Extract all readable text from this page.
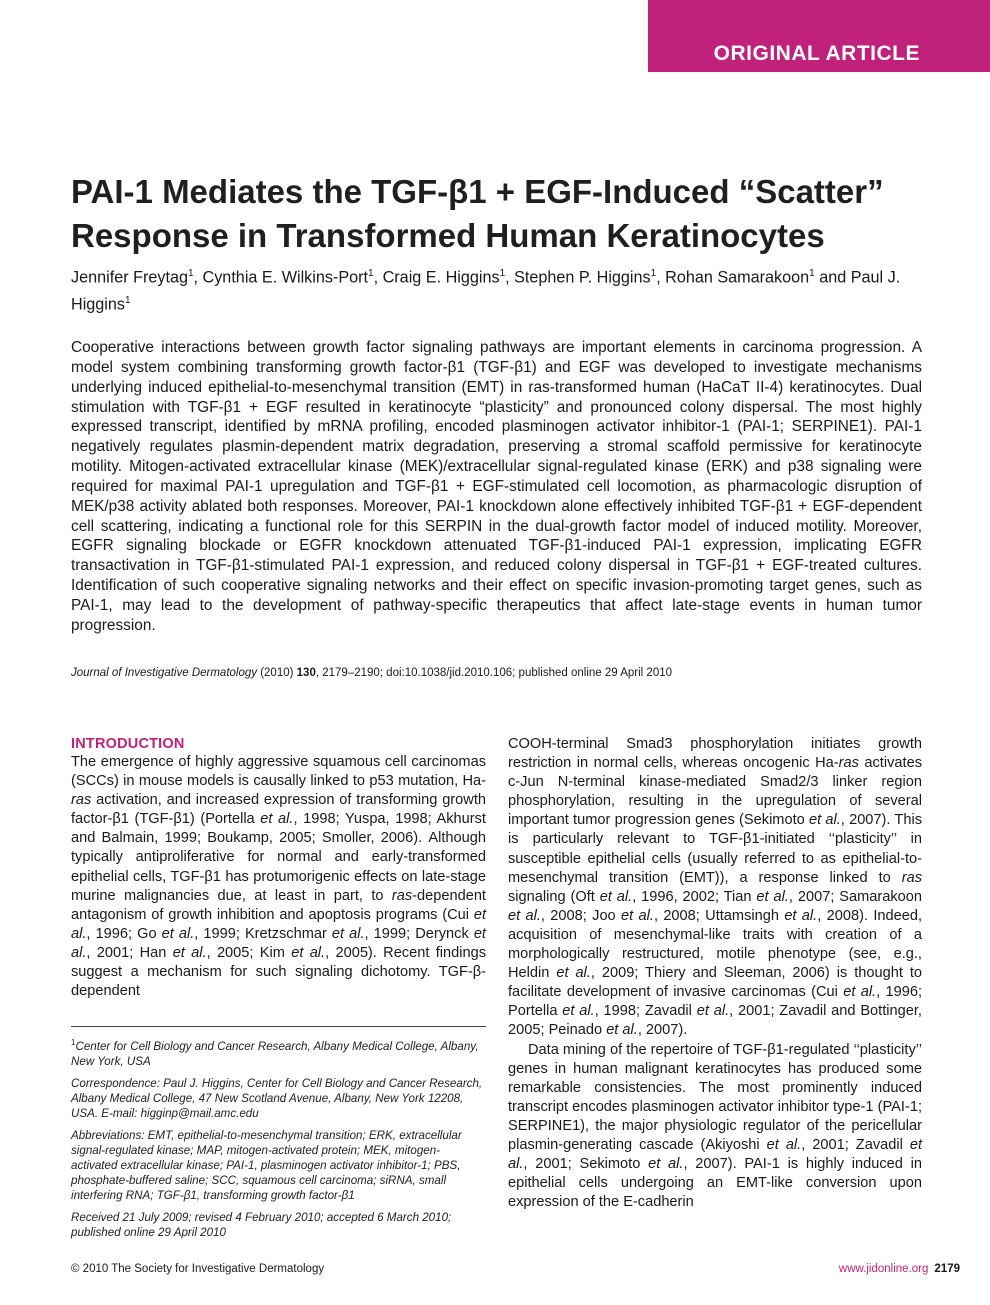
ORIGINAL ARTICLE
PAI-1 Mediates the TGF-β1 + EGF-Induced “Scatter” Response in Transformed Human Keratinocytes
Jennifer Freytag$^1$, Cynthia E. Wilkins-Port$^1$, Craig E. Higgins$^1$, Stephen P. Higgins$^1$, Rohan Samarakoon$^1$ and Paul J. Higgins$^1$

Cooperative interactions between growth factor signaling pathways are important elements in carcinoma progression. A model system combining transforming growth factor-β1 (TGF-β1) and EGF was developed to investigate mechanisms underlying induced epithelial-to-mesenchymal transition (EMT) in ras-transformed human (HaCaT II-4) keratinocytes. Dual stimulation with TGF-β1 + EGF resulted in keratinocyte “plasticity” and pronounced colony dispersal. The most highly expressed transcript, identified by mRNA profiling, encoded plasminogen activator inhibitor-1 (PAI-1; SERPINE1). PAI-1 negatively regulates plasmin-dependent matrix degradation, preserving a stromal scaffold permissive for keratinocyte motility. Mitogen-activated extracellular kinase (MEK)/extracellular signal-regulated kinase (ERK) and p38 signaling were required for maximal PAI-1 upregulation and TGF-β1 + EGF-stimulated cell locomotion, as pharmacologic disruption of MEK/p38 activity ablated both responses. Moreover, PAI-1 knockdown alone effectively inhibited TGF-β1 + EGF-dependent cell scattering, indicating a functional role for this SERPIN in the dual-growth factor model of induced motility. Moreover, EGFR signaling blockade or EGFR knockdown attenuated TGF-β1-induced PAI-1 expression, implicating EGFR transactivation in TGF-β1-stimulated PAI-1 expression, and reduced colony dispersal in TGF-β1 + EGF-treated cultures. Identification of such cooperative signaling networks and their effect on specific invasion-promoting target genes, such as PAI-1, may lead to the development of pathway-specific therapeutics that affect late-stage events in human tumor progression.

Journal of Investigative Dermatology (2010) 130, 2179–2190; doi:10.1038/jid.2010.106; published online 29 April 2010
INTRODUCTION

The emergence of highly aggressive squamous cell carcinomas (SCCs) in mouse models is causally linked to p53 mutation, Ha-ras activation, and increased expression of transforming growth factor-β1 (TGF-β1) (Portella et al., 1998; Yuspa, 1998; Akhurst and Balmain, 1999; Boukamp, 2005; Smoller, 2006). Although typically antiproliferative for normal and early-transformed epithelial cells, TGF-β1 has protumorigenic effects on late-stage murine malignancies due, at least in part, to ras-dependent antagonism of growth inhibition and apoptosis programs (Cui et al., 1996; Go et al., 1999; Kretzschmar et al., 1999; Derynck et al., 2001; Han et al., 2005; Kim et al., 2005). Recent findings suggest a mechanism for such signaling dichotomy. TGF-β-dependent

$^1$Center for Cell Biology and Cancer Research, Albany Medical College, Albany, New York, USA

Correspondence: Paul J. Higgins, Center for Cell Biology and Cancer Research, Albany Medical College, 47 New Scotland Avenue, Albany, New York 12208, USA. E-mail: higginp@mail.amc.edu

Abbreviations: EMT, epithelial-to-mesenchymal transition; ERK, extracellular signal-regulated kinase; MAP, mitogen-activated protein; MEK, mitogen-activated extracellular kinase; PAI-1, plasminogen activator inhibitor-1; PBS, phosphate-buffered saline; SCC, squamous cell carcinoma; siRNA, small interfering RNA; TGF-β1, transforming growth factor-β1

Received 21 July 2009; revised 4 February 2010; accepted 6 March 2010; published online 29 April 2010

COOH-terminal Smad3 phosphorylation initiates growth restriction in normal cells, whereas oncogenic Ha-ras activates c-Jun N-terminal kinase-mediated Smad2/3 linker region phosphorylation, resulting in the upregulation of several important tumor progression genes (Sekimoto et al., 2007). This is particularly relevant to TGF-β1-initiated ‘‘plasticity’’ in susceptible epithelial cells (usually referred to as epithelial-to-mesenchymal transition (EMT)), a response linked to ras signaling (Oft et al., 1996, 2002; Tian et al., 2007; Samarakoon et al., 2008; Joo et al., 2008; Uttamsingh et al., 2008). Indeed, acquisition of mesenchymal-like traits with creation of a morphologically restructured, motile phenotype (see, e.g., Heldin et al., 2009; Thiery and Sleeman, 2006) is thought to facilitate development of invasive carcinomas (Cui et al., 1996; Portella et al., 1998; Zavadil et al., 2001; Zavadil and Bottinger, 2005; Peinado et al., 2007).

Data mining of the repertoire of TGF-β1-regulated ‘‘plasticity’’ genes in human malignant keratinocytes has produced some remarkable consistencies. The most prominently induced transcript encodes plasminogen activator inhibitor type-1 (PAI-1; SERPINE1), the major physiologic regulator of the pericellular plasmin-generating cascade (Akiyoshi et al., 2001; Zavadil et al., 2001; Sekimoto et al., 2007). PAI-1 is highly induced in epithelial cells undergoing an EMT-like conversion upon expression of the E-cadherin

© 2010 The Society for Investigative Dermatology	www.jidonline.org 2179
